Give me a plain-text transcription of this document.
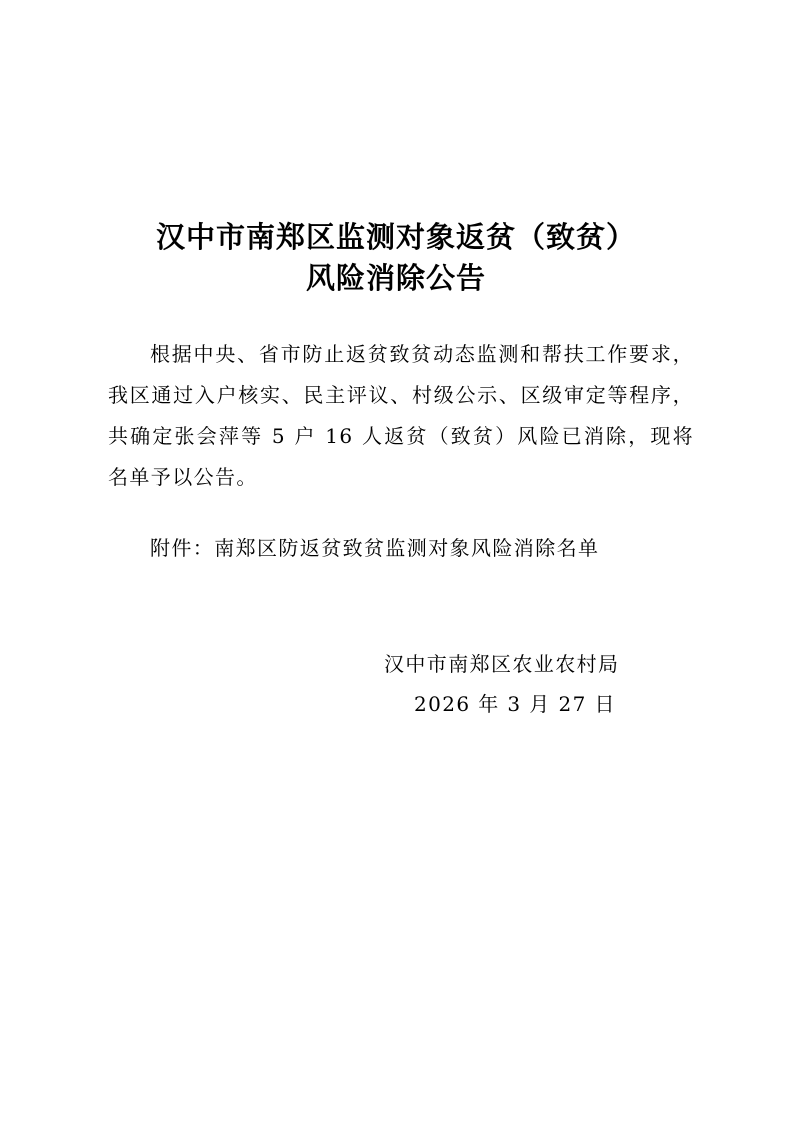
汉中市南郑区监测对象返贫（致贫）
风险消除公告

根据中央、省市防止返贫致贫动态监测和帮扶工作要求，我区通过入户核实、民主评议、村级公示、区级审定等程序，共确定张会萍等 5 户 16 人返贫（致贫）风险已消除，现将名单予以公告。

附件：南郑区防返贫致贫监测对象风险消除名单

汉中市南郑区农业农村局

2026 年 3 月 27 日
